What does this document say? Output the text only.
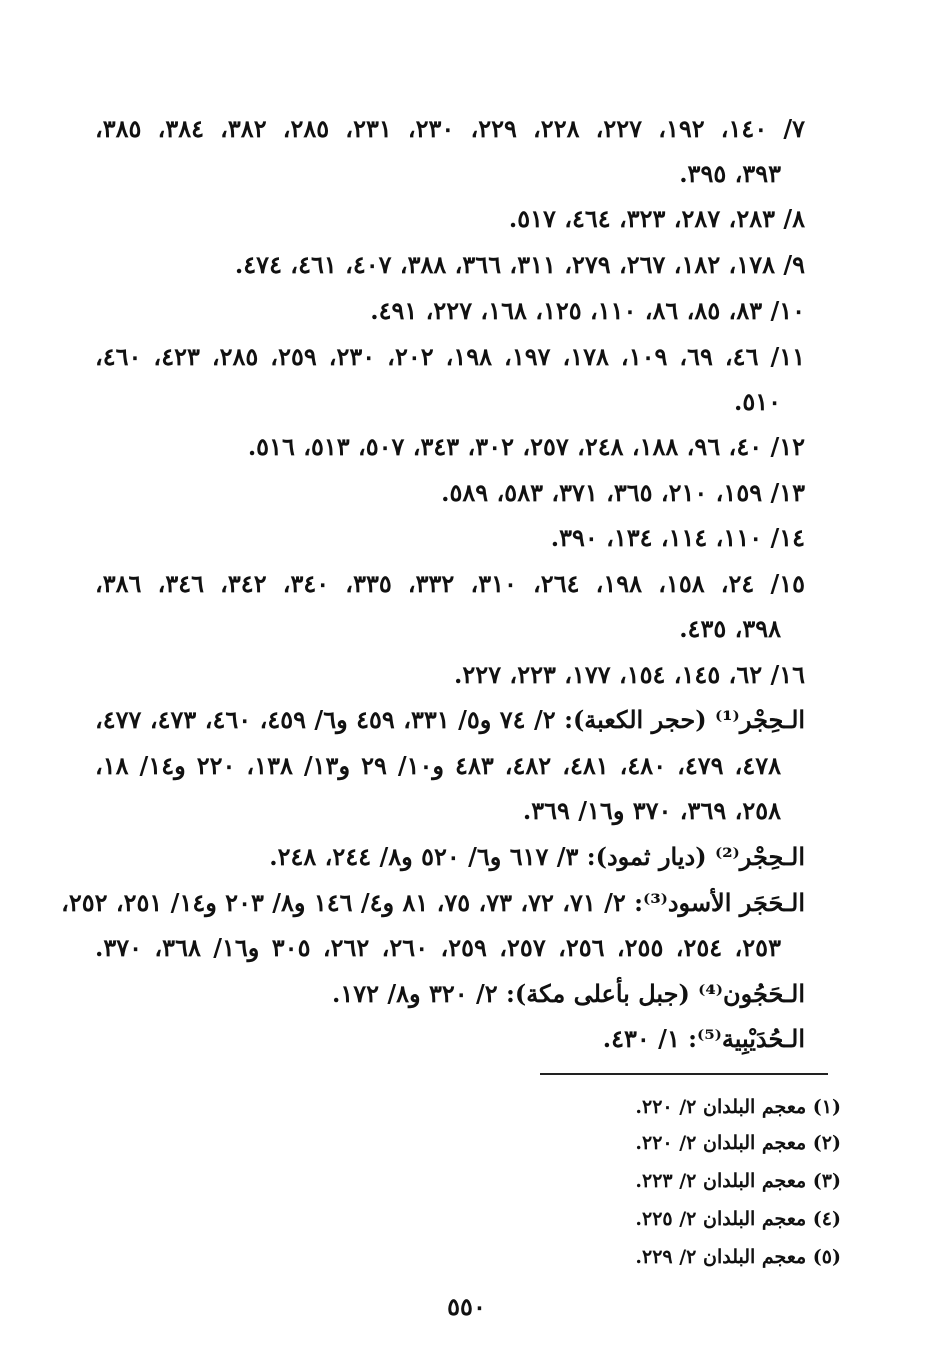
٧/ ١٤٠، ١٩٢، ٢٢٧، ٢٢٨، ٢٢٩، ٢٣٠، ٢٣١، ٢٨٥، ٣٨٢، ٣٨٤، ٣٨٥،
٣٩٣، ٣٩٥.
٨/ ٢٨٣، ٢٨٧، ٣٢٣، ٤٦٤، ٥١٧.
٩/ ١٧٨، ١٨٢، ٢٦٧، ٢٧٩، ٣١١، ٣٦٦، ٣٨٨، ٤٠٧، ٤٦١، ٤٧٤.
١٠/ ٨٣، ٨٥، ٨٦، ١١٠، ١٢٥، ١٦٨، ٢٢٧، ٤٩١.
١١/ ٤٦، ٦٩، ١٠٩، ١٧٨، ١٩٧، ١٩٨، ٢٠٢، ٢٣٠، ٢٥٩، ٢٨٥، ٤٢٣، ٤٦٠،
٥١٠.
١٢/ ٤٠، ٩٦، ١٨٨، ٢٤٨، ٢٥٧، ٣٠٢، ٣٤٣، ٥٠٧، ٥١٣، ٥١٦.
١٣/ ١٥٩، ٢١٠، ٣٦٥، ٣٧١، ٥٨٣، ٥٨٩.
١٤/ ١١٠، ١١٤، ١٣٤، ٣٩٠.
١٥/ ٢٤، ١٥٨، ١٩٨، ٢٦٤، ٣١٠، ٣٣٢، ٣٣٥، ٣٤٠، ٣٤٢، ٣٤٦، ٣٨٦،
٣٩٨، ٤٣٥.
١٦/ ٦٢، ١٤٥، ١٥٤، ١٧٧، ٢٢٣، ٢٢٧.
الـحِجْر⁽¹⁾ (حجر الكعبة): ٢/ ٧٤ و٥/ ٣٣١، ٤٥٩ و٦/ ٤٥٩، ٤٦٠، ٤٧٣، ٤٧٧،
٤٧٨، ٤٧٩، ٤٨٠، ٤٨١، ٤٨٢، ٤٨٣ و١٠/ ٢٩ و١٣/ ١٣٨، ٢٢٠ و١٤/ ١٨،
٢٥٨، ٣٦٩، ٣٧٠ و١٦/ ٣٦٩.
الـحِجْر⁽²⁾ (ديار ثمود): ٣/ ٦١٧ و٦/ ٥٢٠ و٨/ ٢٤٤، ٢٤٨.
الـحَجَر الأسود⁽³⁾: ٢/ ٧١، ٧٢، ٧٣، ٧٥، ٨١ و٤/ ١٤٦ و٨/ ٢٠٣ و١٤/ ٢٥١، ٢٥٢،
٢٥٣، ٢٥٤، ٢٥٥، ٢٥٦، ٢٥٧، ٢٥٩، ٢٦٠، ٢٦٢، ٣٠٥ و١٦/ ٣٦٨، ٣٧٠.
الـحَجُون⁽⁴⁾ (جبل بأعلى مكة): ٢/ ٣٢٠ و٨/ ١٧٢.
الـحُدَيْبِية⁽⁵⁾: ١/ ٤٣٠.
(١) معجم البلدان ٢/ ٢٢٠.
(٢) معجم البلدان ٢/ ٢٢٠.
(٣) معجم البلدان ٢/ ٢٢٣.
(٤) معجم البلدان ٢/ ٢٢٥.
(٥) معجم البلدان ٢/ ٢٢٩.
٥٥٠
